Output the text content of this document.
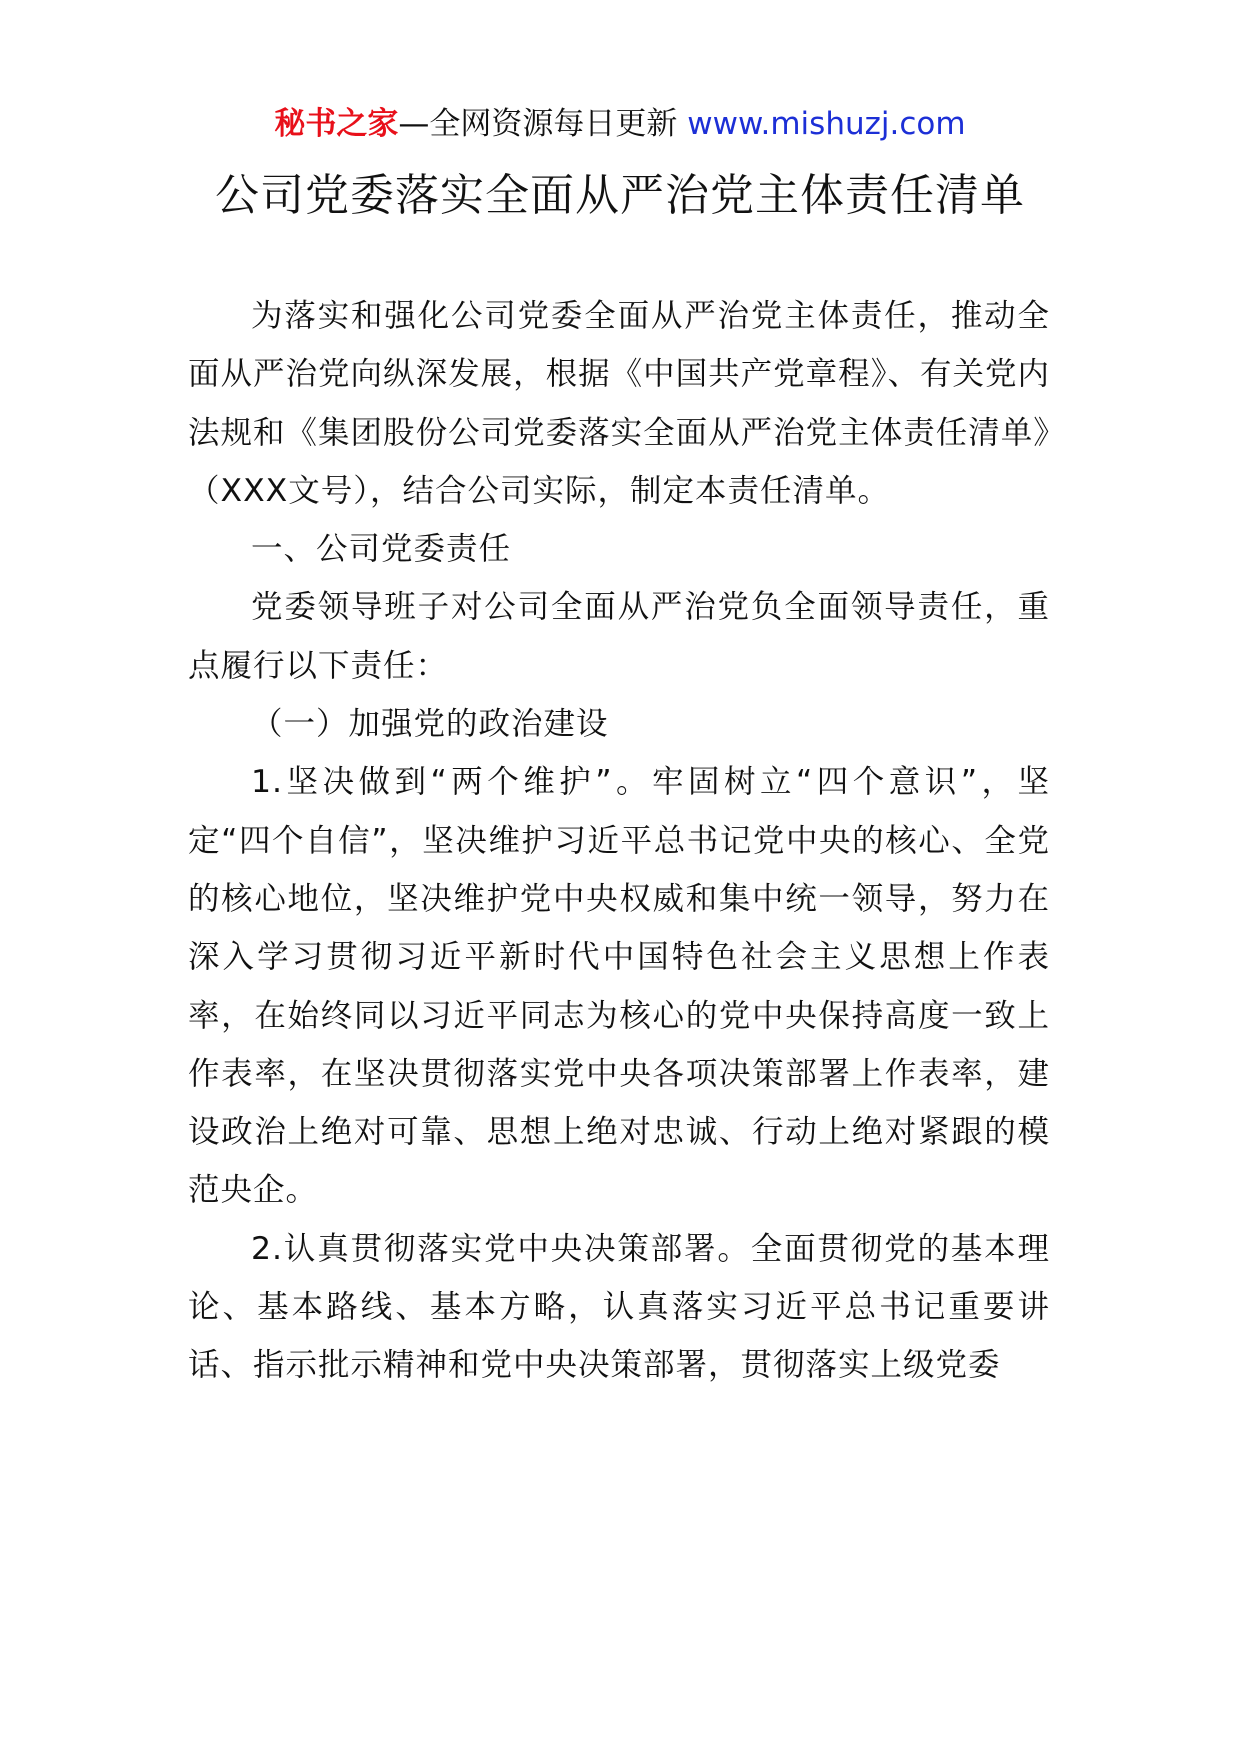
秘书之家—全网资源每日更新 www.mishuzj.com
公司党委落实全面从严治党主体责任清单

为落实和强化公司党委全面从严治党主体责任，推动全面从严治党向纵深发展，根据《中国共产党章程》、有关党内法规和《集团股份公司党委落实全面从严治党主体责任清单》（XXX文号），结合公司实际，制定本责任清单。

一、公司党委责任

党委领导班子对公司全面从严治党负全面领导责任，重点履行以下责任：

（一）加强党的政治建设

1.坚决做到“两个维护”。牢固树立“四个意识”，坚定“四个自信”，坚决维护习近平总书记党中央的核心、全党的核心地位，坚决维护党中央权威和集中统一领导，努力在深入学习贯彻习近平新时代中国特色社会主义思想上作表率，在始终同以习近平同志为核心的党中央保持高度一致上作表率，在坚决贯彻落实党中央各项决策部署上作表率，建设政治上绝对可靠、思想上绝对忠诚、行动上绝对紧跟的模范央企。

2.认真贯彻落实党中央决策部署。全面贯彻党的基本理论、基本路线、基本方略，认真落实习近平总书记重要讲话、指示批示精神和党中央决策部署，贯彻落实上级党委
